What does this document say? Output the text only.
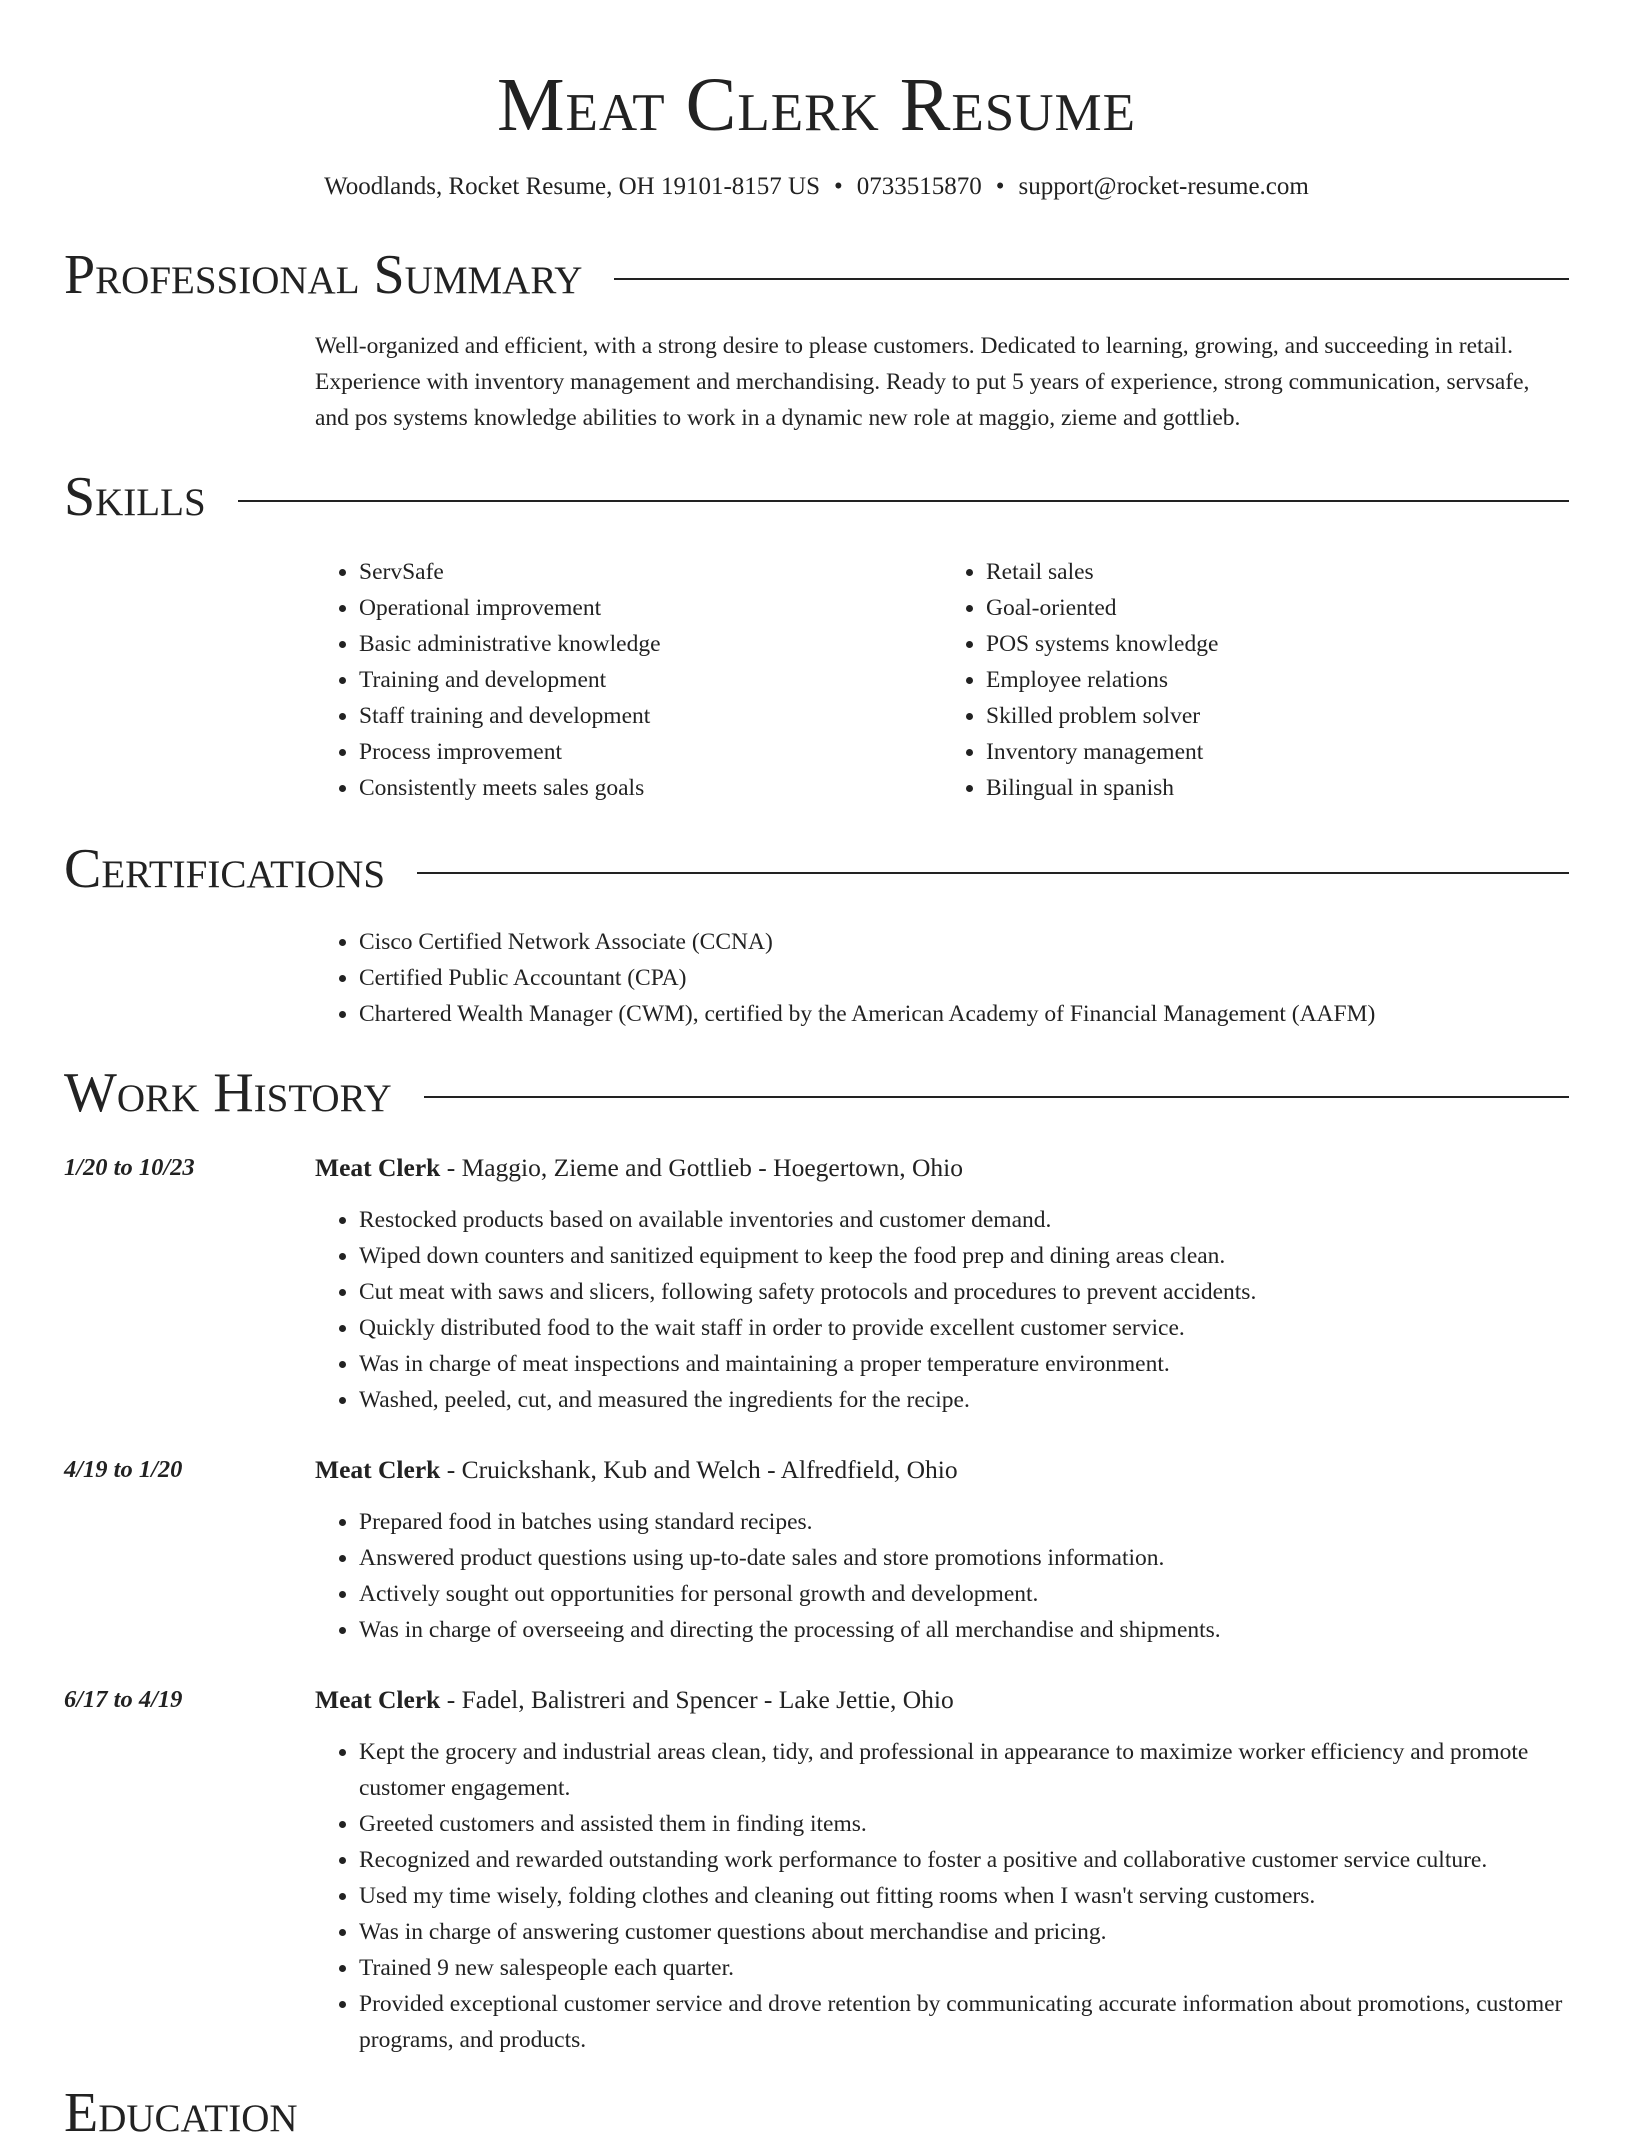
Meat Clerk Resume
Woodlands, Rocket Resume, OH 19101-8157 US • 0733515870 • support@rocket-resume.com
Professional Summary
Well-organized and efficient, with a strong desire to please customers. Dedicated to learning, growing, and succeeding in retail. Experience with inventory management and merchandising. Ready to put 5 years of experience, strong communication, servsafe, and pos systems knowledge abilities to work in a dynamic new role at maggio, zieme and gottlieb.
Skills
• ServSafe
• Operational improvement
• Basic administrative knowledge
• Training and development
• Staff training and development
• Process improvement
• Consistently meets sales goals
• Retail sales
• Goal-oriented
• POS systems knowledge
• Employee relations
• Skilled problem solver
• Inventory management
• Bilingual in spanish
Certifications
• Cisco Certified Network Associate (CCNA)
• Certified Public Accountant (CPA)
• Chartered Wealth Manager (CWM), certified by the American Academy of Financial Management (AAFM)
Work History
1/20 to 10/23	Meat Clerk - Maggio, Zieme and Gottlieb - Hoegertown, Ohio
• Restocked products based on available inventories and customer demand.
• Wiped down counters and sanitized equipment to keep the food prep and dining areas clean.
• Cut meat with saws and slicers, following safety protocols and procedures to prevent accidents.
• Quickly distributed food to the wait staff in order to provide excellent customer service.
• Was in charge of meat inspections and maintaining a proper temperature environment.
• Washed, peeled, cut, and measured the ingredients for the recipe.
4/19 to 1/20	Meat Clerk - Cruickshank, Kub and Welch - Alfredfield, Ohio
• Prepared food in batches using standard recipes.
• Answered product questions using up-to-date sales and store promotions information.
• Actively sought out opportunities for personal growth and development.
• Was in charge of overseeing and directing the processing of all merchandise and shipments.
6/17 to 4/19	Meat Clerk - Fadel, Balistreri and Spencer - Lake Jettie, Ohio
• Kept the grocery and industrial areas clean, tidy, and professional in appearance to maximize worker efficiency and promote customer engagement.
• Greeted customers and assisted them in finding items.
• Recognized and rewarded outstanding work performance to foster a positive and collaborative customer service culture.
• Used my time wisely, folding clothes and cleaning out fitting rooms when I wasn't serving customers.
• Was in charge of answering customer questions about merchandise and pricing.
• Trained 9 new salespeople each quarter.
• Provided exceptional customer service and drove retention by communicating accurate information about promotions, customer programs, and products.
Education
